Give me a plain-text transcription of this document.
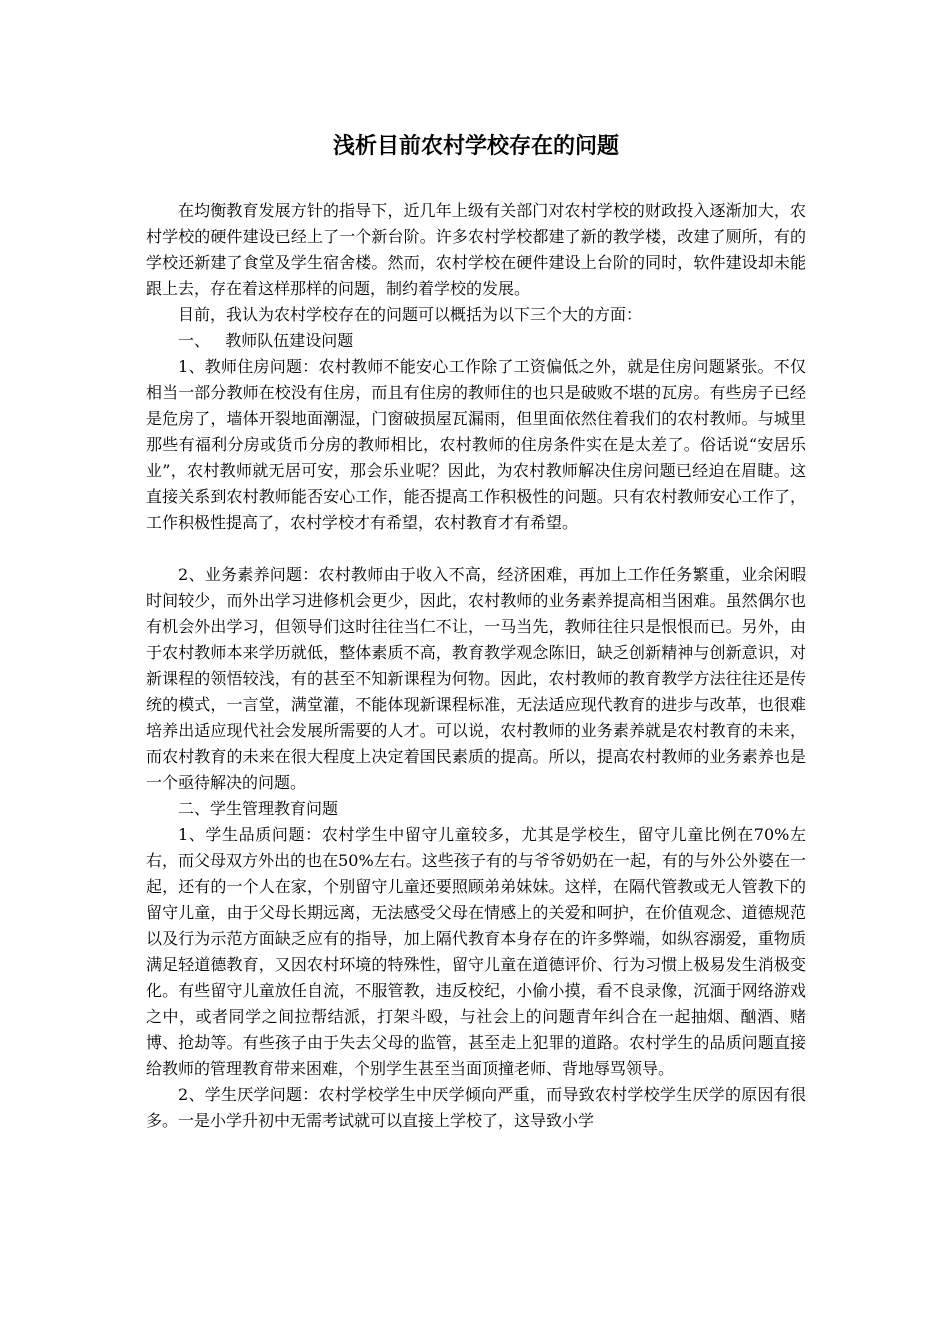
浅析目前农村学校存在的问题

在均衡教育发展方针的指导下，近几年上级有关部门对农村学校的财政投入逐渐加大，农村学校的硬件建设已经上了一个新台阶。许多农村学校都建了新的教学楼，改建了厕所，有的学校还新建了食堂及学生宿舍楼。然而，农村学校在硬件建设上台阶的同时，软件建设却未能跟上去，存在着这样那样的问题，制约着学校的发展。

目前，我认为农村学校存在的问题可以概括为以下三个大的方面：

一、   教师队伍建设问题

1、教师住房问题：农村教师不能安心工作除了工资偏低之外，就是住房问题紧张。不仅相当一部分教师在校没有住房，而且有住房的教师住的也只是破败不堪的瓦房。有些房子已经是危房了，墙体开裂地面潮湿，门窗破损屋瓦漏雨，但里面依然住着我们的农村教师。与城里那些有福利分房或货币分房的教师相比，农村教师的住房条件实在是太差了。俗话说“安居乐业”，农村教师就无居可安，那会乐业呢？因此，为农村教师解决住房问题已经迫在眉睫。这直接关系到农村教师能否安心工作，能否提高工作积极性的问题。只有农村教师安心工作了，工作积极性提高了，农村学校才有希望，农村教育才有希望。

2、业务素养问题：农村教师由于收入不高，经济困难，再加上工作任务繁重，业余闲暇时间较少，而外出学习进修机会更少，因此，农村教师的业务素养提高相当困难。虽然偶尔也有机会外出学习，但领导们这时往往当仁不让，一马当先，教师往往只是恨恨而已。另外，由于农村教师本来学历就低，整体素质不高，教育教学观念陈旧，缺乏创新精神与创新意识，对新课程的领悟较浅，有的甚至不知新课程为何物。因此，农村教师的教育教学方法往往还是传统的模式，一言堂，满堂灌，不能体现新课程标准，无法适应现代教育的进步与改革，也很难培养出适应现代社会发展所需要的人才。可以说，农村教师的业务素养就是农村教育的未来，而农村教育的未来在很大程度上决定着国民素质的提高。所以，提高农村教师的业务素养也是一个亟待解决的问题。

二、学生管理教育问题

1、学生品质问题：农村学生中留守儿童较多，尤其是学校生，留守儿童比例在70%左右，而父母双方外出的也在50%左右。这些孩子有的与爷爷奶奶在一起，有的与外公外婆在一起，还有的一个人在家，个别留守儿童还要照顾弟弟妹妹。这样，在隔代管教或无人管教下的留守儿童，由于父母长期远离，无法感受父母在情感上的关爱和呵护，在价值观念、道德规范以及行为示范方面缺乏应有的指导，加上隔代教育本身存在的许多弊端，如纵容溺爱，重物质满足轻道德教育，又因农村环境的特殊性，留守儿童在道德评价、行为习惯上极易发生消极变化。有些留守儿童放任自流，不服管教，违反校纪，小偷小摸，看不良录像，沉湎于网络游戏之中，或者同学之间拉帮结派，打架斗殴，与社会上的问题青年纠合在一起抽烟、酗酒、赌博、抢劫等。有些孩子由于失去父母的监管，甚至走上犯罪的道路。农村学生的品质问题直接给教师的管理教育带来困难，个别学生甚至当面顶撞老师、背地辱骂领导。

2、学生厌学问题：农村学校学生中厌学倾向严重，而导致农村学校学生厌学的原因有很多。一是小学升初中无需考试就可以直接上学校了，这导致小学
